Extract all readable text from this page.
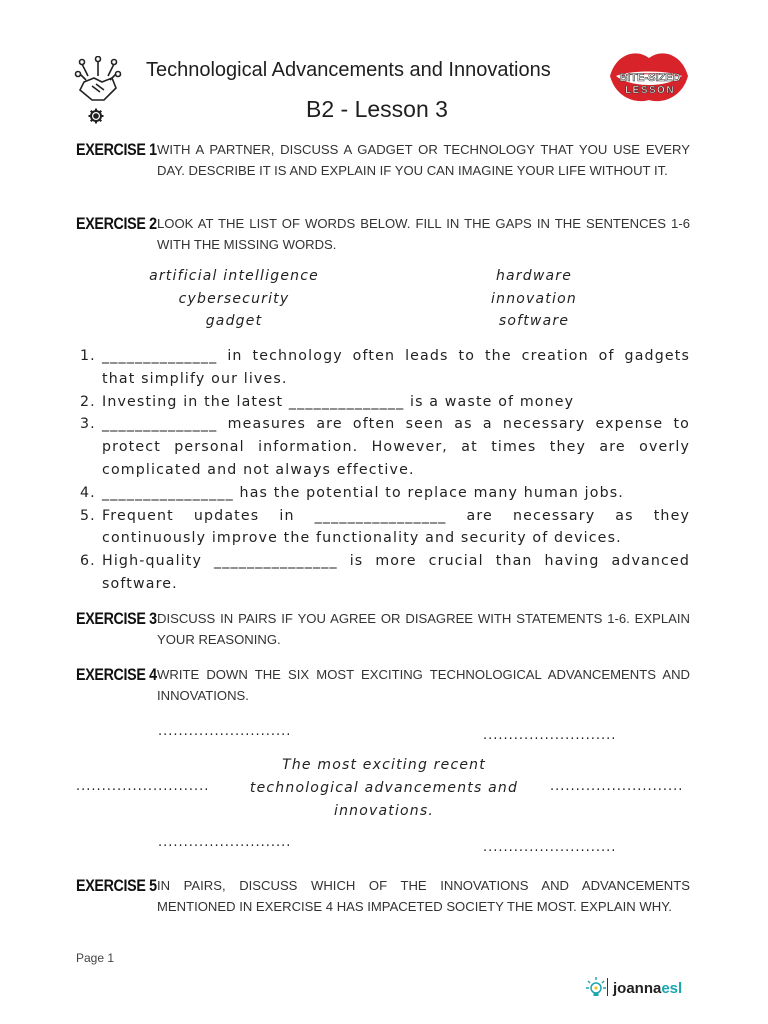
Technological Advancements and Innovations
B2 - Lesson 3
BITE-SIZED
LESSON
EXERCISE 1 WITH A PARTNER, DISCUSS A GADGET OR TECHNOLOGY THAT YOU USE EVERY DAY. DESCRIBE IT IS AND EXPLAIN IF YOU CAN IMAGINE YOUR LIFE WITHOUT IT.
EXERCISE 2 LOOK AT THE LIST OF WORDS BELOW. FILL IN THE GAPS IN THE SENTENCES 1-6 WITH THE MISSING WORDS.
artificial intelligence
cybersecurity
gadget
hardware
innovation
software
1. ______________ in technology often leads to the creation of gadgets that simplify our lives.
2. Investing in the latest ______________ is a waste of money
3. ______________ measures are often seen as a necessary expense to protect personal information. However, at times they are overly complicated and not always effective.
4. ________________ has the potential to replace many human jobs.
5. Frequent updates in ________________ are necessary as they continuously improve the functionality and security of devices.
6. High-quality _______________ is more crucial than having advanced software.
EXERCISE 3 DISCUSS IN PAIRS IF YOU AGREE OR DISAGREE WITH STATEMENTS 1-6. EXPLAIN YOUR REASONING.
EXERCISE 4 WRITE DOWN THE SIX MOST EXCITING TECHNOLOGICAL ADVANCEMENTS AND INNOVATIONS.
..........................	..........................
..........................	..........................
..........................	..........................
The most exciting recent technological advancements and innovations.
EXERCISE 5 IN PAIRS, DISCUSS WHICH OF THE INNOVATIONS AND ADVANCEMENTS MENTIONED IN EXERCISE 4 HAS IMPACETED SOCIETY THE MOST. EXPLAIN WHY.
Page 1
joannaesl
